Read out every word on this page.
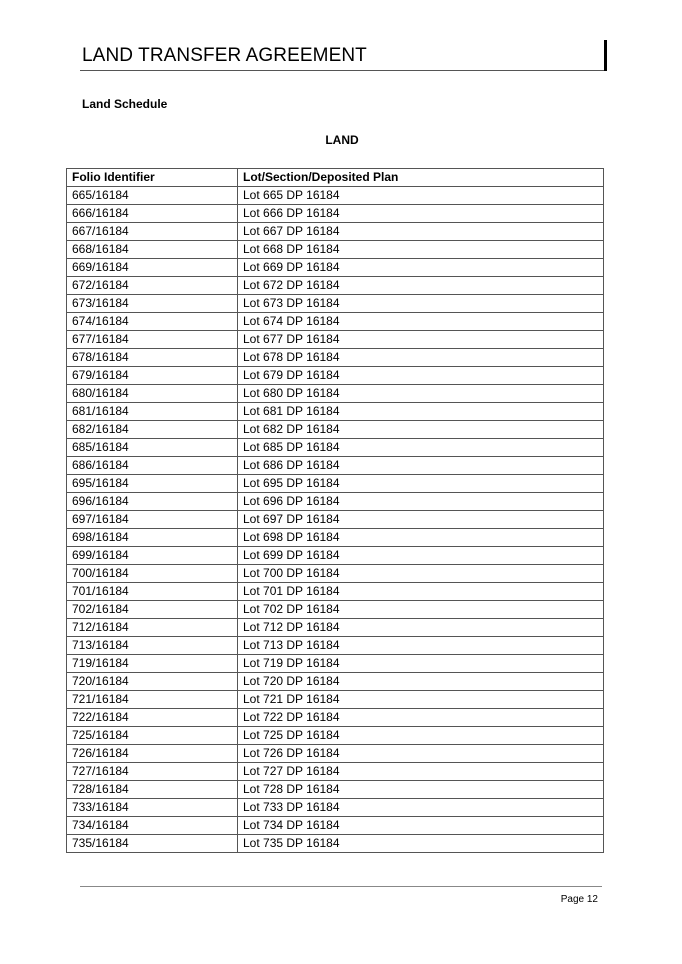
LAND TRANSFER AGREEMENT
Land Schedule
LAND
Folio Identifier	Lot/Section/Deposited Plan
665/16184	Lot 665 DP 16184
666/16184	Lot 666 DP 16184
667/16184	Lot 667 DP 16184
668/16184	Lot 668 DP 16184
669/16184	Lot 669 DP 16184
672/16184	Lot 672 DP 16184
673/16184	Lot 673 DP 16184
674/16184	Lot 674 DP 16184
677/16184	Lot 677 DP 16184
678/16184	Lot 678 DP 16184
679/16184	Lot 679 DP 16184
680/16184	Lot 680 DP 16184
681/16184	Lot 681 DP 16184
682/16184	Lot 682 DP 16184
685/16184	Lot 685 DP 16184
686/16184	Lot 686 DP 16184
695/16184	Lot 695 DP 16184
696/16184	Lot 696 DP 16184
697/16184	Lot 697 DP 16184
698/16184	Lot 698 DP 16184
699/16184	Lot 699 DP 16184
700/16184	Lot 700 DP 16184
701/16184	Lot 701 DP 16184
702/16184	Lot 702 DP 16184
712/16184	Lot 712 DP 16184
713/16184	Lot 713 DP 16184
719/16184	Lot 719 DP 16184
720/16184	Lot 720 DP 16184
721/16184	Lot 721 DP 16184
722/16184	Lot 722 DP 16184
725/16184	Lot 725 DP 16184
726/16184	Lot 726 DP 16184
727/16184	Lot 727 DP 16184
728/16184	Lot 728 DP 16184
733/16184	Lot 733 DP 16184
734/16184	Lot 734 DP 16184
735/16184	Lot 735 DP 16184
Page 12
